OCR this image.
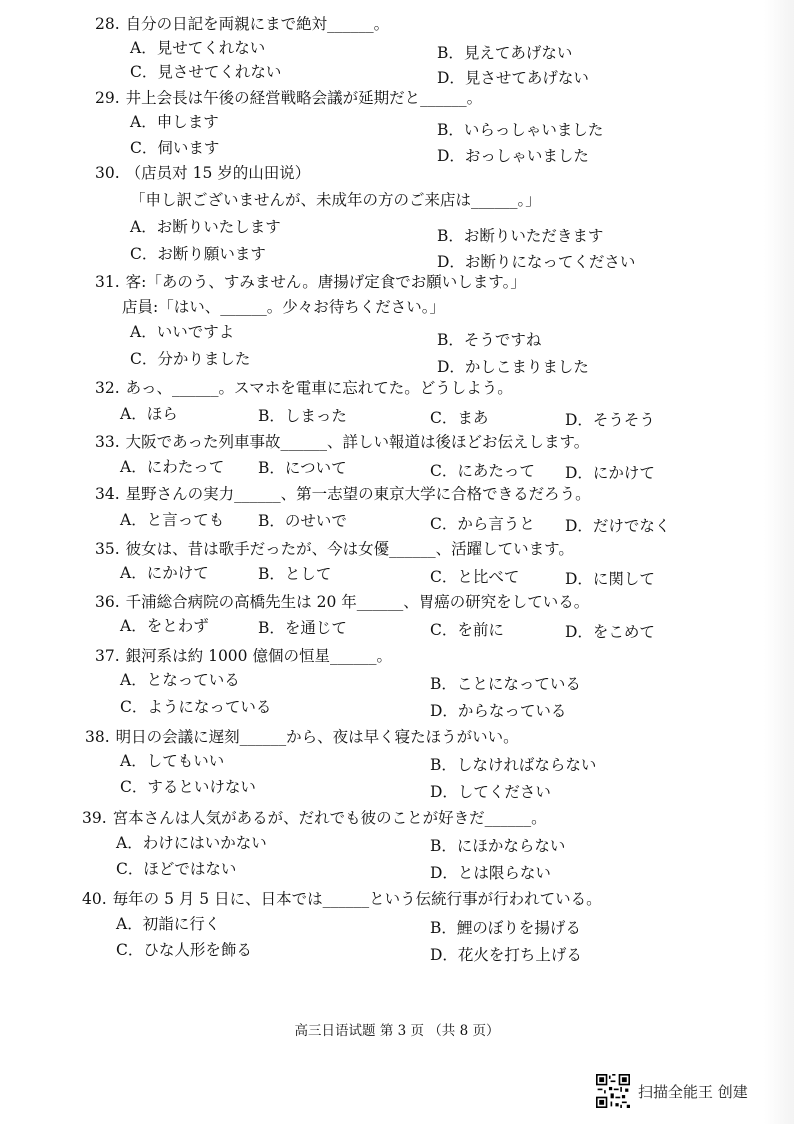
28. 自分の日記を両親にまで絶対______。
A．見せてくれない	B．見えてあげない
C．見させてくれない	D．見させてあげない
29. 井上会長は午後の経営戦略会議が延期だと______。
A．申します	B．いらっしゃいました
C．伺います	D．おっしゃいました
30. （店员对 15 岁的山田说）
「申し訳ございませんが、未成年の方のご来店は______。」
A．お断りいたします	B．お断りいただきます
C．お断り願います	D．お断りになってください
31. 客:「あのう、すみません。唐揚げ定食でお願いします。」
店員:「はい、______。少々お待ちください。」
A．いいですよ	B．そうですね
C．分かりました	D．かしこまりました
32. あっ、______。スマホを電車に忘れてた。どうしよう。
A．ほら	B．しまった	C．まあ	D．そうそう
33. 大阪であった列車事故______、詳しい報道は後ほどお伝えします。
A．にわたって B．について	C．にあたって D．にかけて
34. 星野さんの実力______、第一志望の東京大学に合格できるだろう。
A．と言っても B．のせいで	C．から言うと D．だけでなく
35. 彼女は、昔は歌手だったが、今は女優______、活躍しています。
A．にかけて	B．として	C．と比べて	D．に関して
36. 千浦総合病院の高橋先生は 20 年______、胃癌の研究をしている。
A．をとわず	B．を通じて	C．を前に	D．をこめて
37. 銀河系は約 1000 億個の恒星______。
A．となっている	B．ことになっている
C．ようになっている	D．からなっている
38. 明日の会議に遅刻______から、夜は早く寝たほうがいい。
A．してもいい	B．しなければならない
C．するといけない	D．してください
39. 宮本さんは人気があるが、だれでも彼のことが好きだ______。
A．わけにはいかない	B．にほかならない
C．ほどではない	D．とは限らない
40. 毎年の 5 月 5 日に、日本では______という伝統行事が行われている。
A．初詣に行く	B．鯉のぼりを揚げる
C．ひな人形を飾る	D．花火を打ち上げる
高三日语试题 第 3 页 （共 8 页）
扫描全能王 创建
